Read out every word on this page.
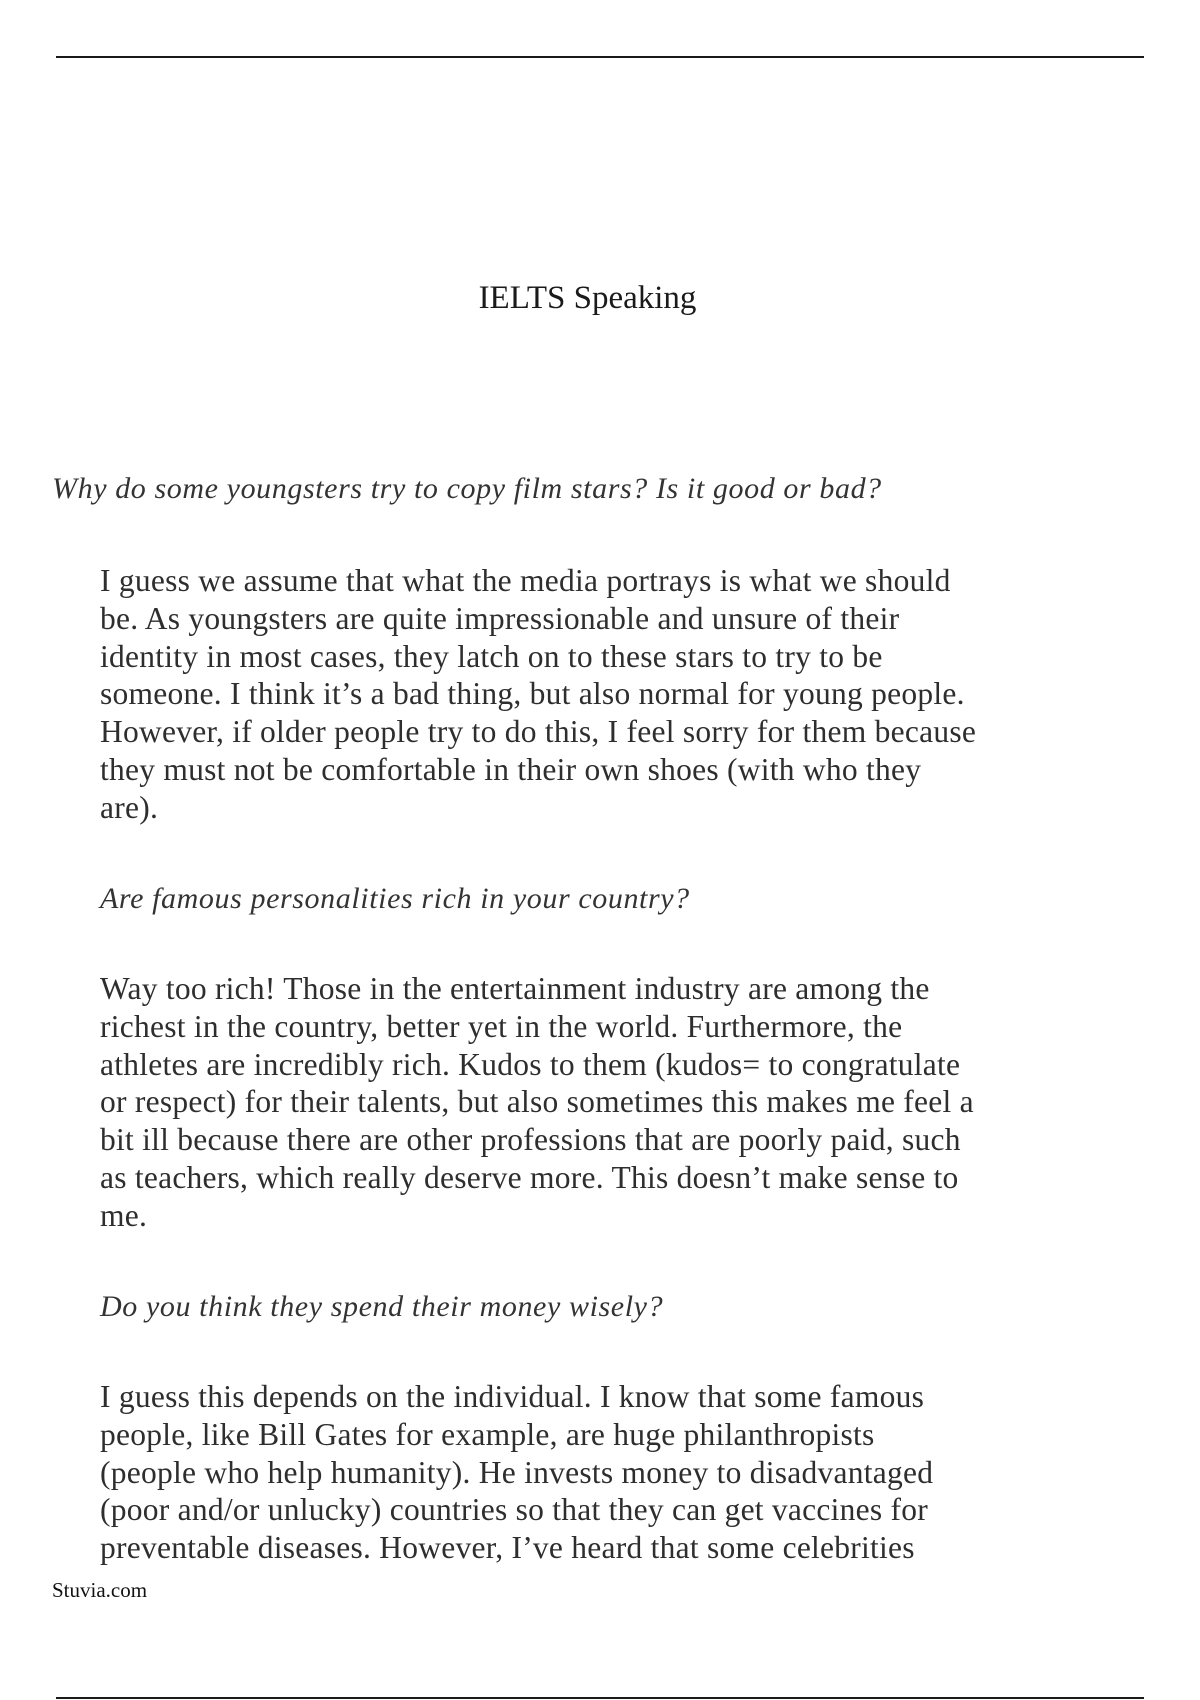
IELTS Speaking

Why do some youngsters try to copy film stars? Is it good or bad?

I guess we assume that what the media portrays is what we should
be. As youngsters are quite impressionable and unsure of their
identity in most cases, they latch on to these stars to try to be
someone. I think it’s a bad thing, but also normal for young people.
However, if older people try to do this, I feel sorry for them because
they must not be comfortable in their own shoes (with who they
are).

Are famous personalities rich in your country?

Way too rich! Those in the entertainment industry are among the
richest in the country, better yet in the world. Furthermore, the
athletes are incredibly rich. Kudos to them (kudos= to congratulate
or respect) for their talents, but also sometimes this makes me feel a
bit ill because there are other professions that are poorly paid, such
as teachers, which really deserve more. This doesn’t make sense to
me.

Do you think they spend their money wisely?

I guess this depends on the individual. I know that some famous
people, like Bill Gates for example, are huge philanthropists
(people who help humanity). He invests money to disadvantaged
(poor and/or unlucky) countries so that they can get vaccines for
preventable diseases. However, I’ve heard that some celebrities

Stuvia.com
